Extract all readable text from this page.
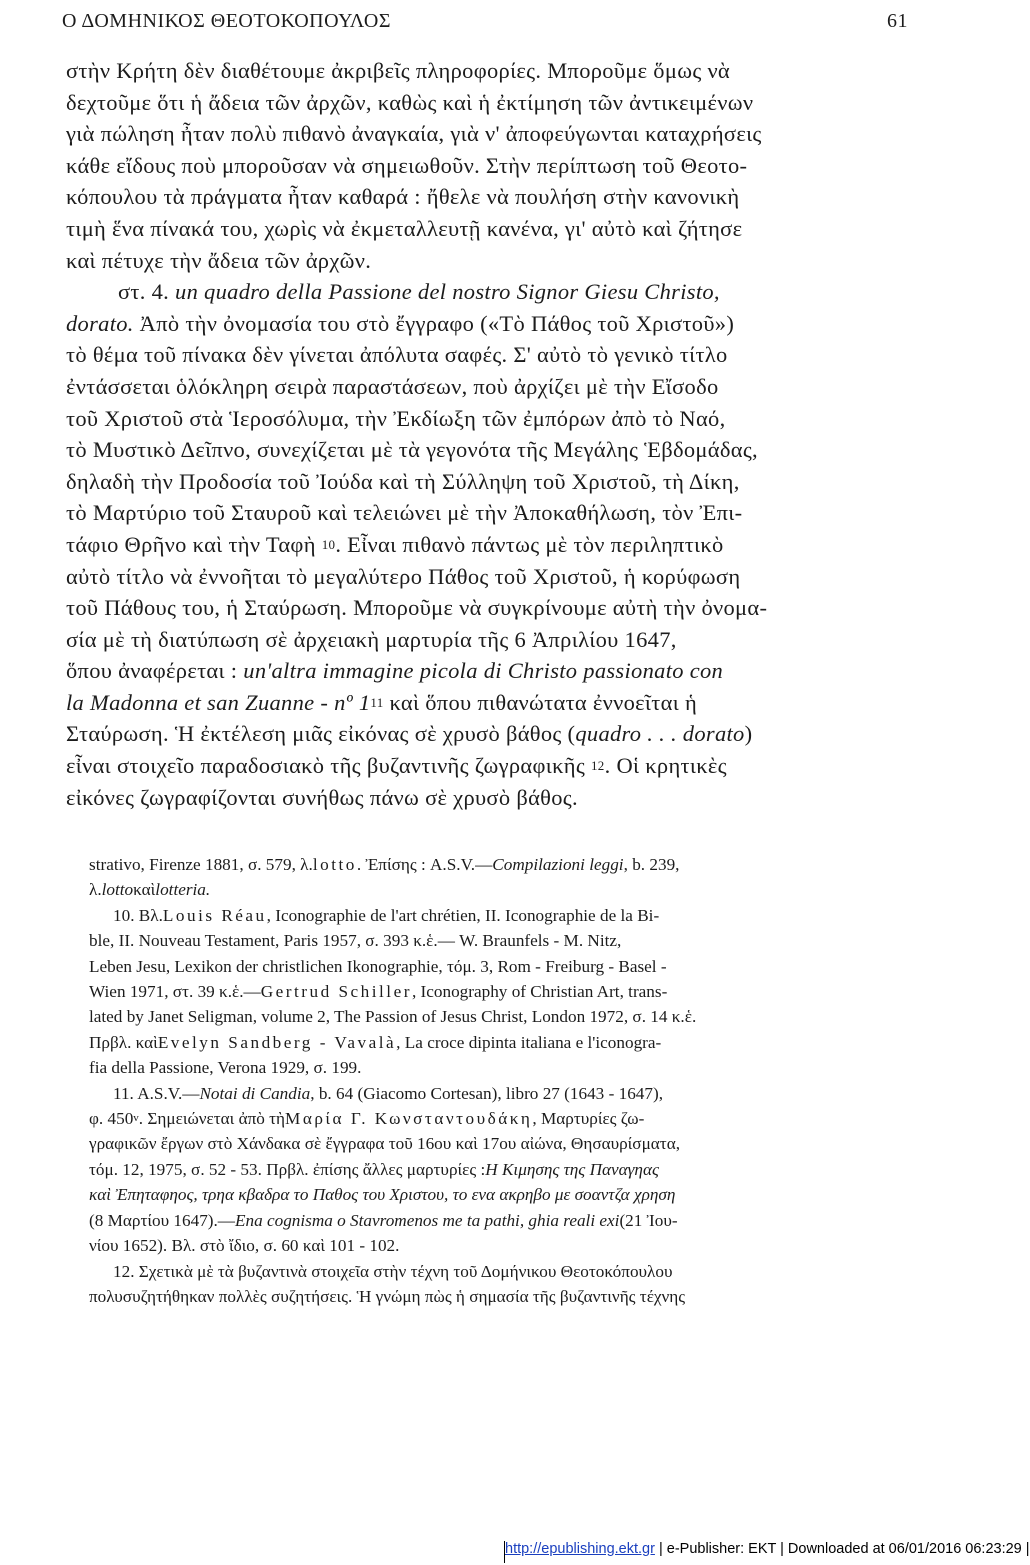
Ο ΔΟΜΗΝΙΚΟΣ ΘΕΟΤΟΚΟΠΟΥΛΟΣ	61
στὴν Κρήτη δὲν διαθέτουμε ἀκριβεῖς πληροφορίες. Μποροῦμε ὅμως νὰ
δεχτοῦμε ὅτι ἡ ἄδεια τῶν ἀρχῶν, καθὼς καὶ ἡ ἐκτίμηση τῶν ἀντικειμένων
γιὰ πώληση ἦταν πολὺ πιθανὸ ἀναγκαία, γιὰ ν' ἀποφεύγωνται καταχρήσεις
κάθε εἴδους ποὺ μποροῦσαν νὰ σημειωθοῦν. Στὴν περίπτωση τοῦ Θεοτο-
κόπουλου τὰ πράγματα ἦταν καθαρά : ἤθελε νὰ πουλήση στὴν κανονικὴ
τιμὴ ἕνα πίνακά του, χωρὶς νὰ ἐκμεταλλευτῇ κανένα, γι' αὐτὸ καὶ ζήτησε
καὶ πέτυχε τὴν ἄδεια τῶν ἀρχῶν.
στ. 4. un quadro della Passione del nostro Signor Giesu Christo,
dorato. Ἀπὸ τὴν ὀνομασία του στὸ ἔγγραφο («Τὸ Πάθος τοῦ Χριστοῦ»)
τὸ θέμα τοῦ πίνακα δὲν γίνεται ἀπόλυτα σαφές. Σ' αὐτὸ τὸ γενικὸ τίτλο
ἐντάσσεται ὁλόκληρη σειρὰ παραστάσεων, ποὺ ἀρχίζει μὲ τὴν Εἴσοδο
τοῦ Χριστοῦ στὰ Ἱεροσόλυμα, τὴν Ἐκδίωξη τῶν ἐμπόρων ἀπὸ τὸ Ναό,
τὸ Μυστικὸ Δεῖπνο, συνεχίζεται μὲ τὰ γεγονότα τῆς Μεγάλης Ἑβδομάδας,
δηλαδὴ τὴν Προδοσία τοῦ Ἰούδα καὶ τὴ Σύλληψη τοῦ Χριστοῦ, τὴ Δίκη,
τὸ Μαρτύριο τοῦ Σταυροῦ καὶ τελειώνει μὲ τὴν Ἀποκαθήλωση, τὸν Ἐπι-
τάφιο Θρῆνο καὶ τὴν Ταφὴ 10 . Εἶναι πιθανὸ πάντως μὲ τὸν περιληπτικὸ
αὐτὸ τίτλο νὰ ἐννοῆται τὸ μεγαλύτερο Πάθος τοῦ Χριστοῦ, ἡ κορύφωση
τοῦ Πάθους του, ἡ Σταύρωση. Μποροῦμε νὰ συγκρίνουμε αὐτὴ τὴν ὀνομα-
σία μὲ τὴ διατύπωση σὲ ἀρχειακὴ μαρτυρία τῆς 6 Ἀπριλίου 1647,
ὅπου ἀναφέρεται : un'altra immagine picola di Christo passionato con
la Madonna et san Zuanne - nº 1 11 καὶ ὅπου πιθανώτατα ἐννοεῖται ἡ
Σταύρωση. Ἡ ἐκτέλεση μιᾶς εἰκόνας σὲ χρυσὸ βάθος ( quadro . . . dorato )
εἶναι στοιχεῖο παραδοσιακὸ τῆς βυζαντινῆς ζωγραφικῆς 12 . Οἱ κρητικὲς
εἰκόνες ζωγραφίζονται συνήθως πάνω σὲ χρυσὸ βάθος.
strativo, Firenze 1881, σ. 579, λ. lotto . Ἐπίσης : A.S.V.— Compilazioni leggi , b. 239,
λ. lotto καὶ lotteria.
10. Βλ. Louis Réau , Iconographie de l'art chrétien, II. Iconographie de la Bi-
ble, II. Nouveau Testament, Paris 1957, σ. 393 κ.ἑ.— W. Braunfels - M. Nitz,
Leben Jesu, Lexikon der christlichen Ikonographie, τόμ. 3, Rom - Freiburg - Basel -
Wien 1971, στ. 39 κ.ἑ.— Gertrud Schiller , Iconography of Christian Art, trans-
lated by Janet Seligman, volume 2, The Passion of Jesus Christ, London 1972, σ. 14 κ.ἑ.
Πρβλ. καὶ Evelyn Sandberg - Vavalà , La croce dipinta italiana e l'iconogra-
fia della Passione, Verona 1929, σ. 199.
11. A.S.V.— Notai di Candia , b. 64 (Giacomo Cortesan), libro 27 (1643 - 1647),
φ. 450 v . Σημειώνεται ἀπὸ τὴ Μαρία Γ. Κωνσταντουδάκη , Μαρτυρίες ζω-
γραφικῶν ἔργων στὸ Χάνδακα σὲ ἔγγραφα τοῦ 16ου καὶ 17ου αἰώνα, Θησαυρίσματα,
τόμ. 12, 1975, σ. 52 - 53. Πρβλ. ἐπίσης ἄλλες μαρτυρίες : Η Κιμησης της Παναγηας
καὶ Ἐπηταφηος, τρηα κβαδρα το Παθος του Χριστου, το ενα ακρηβο με σοαντζα χρηση
(8 Μαρτίου 1647).— Ena cognisma o Stavromenos me ta pathi, ghia reali exi (21 Ἰου-
νίου 1652). Βλ. στὸ ἴδιο, σ. 60 καὶ 101 - 102.
12. Σχετικὰ μὲ τὰ βυζαντινὰ στοιχεῖα στὴν τέχνη τοῦ Δομήνικου Θεοτοκόπουλου
πολυσυζητήθηκαν πολλὲς συζητήσεις. Ἡ γνώμη πὼς ἡ σημασία τῆς βυζαντινῆς τέχνης
http://epublishing.ekt.gr | e-Publisher: EKT | Downloaded at 06/01/2016 06:23:29 |
